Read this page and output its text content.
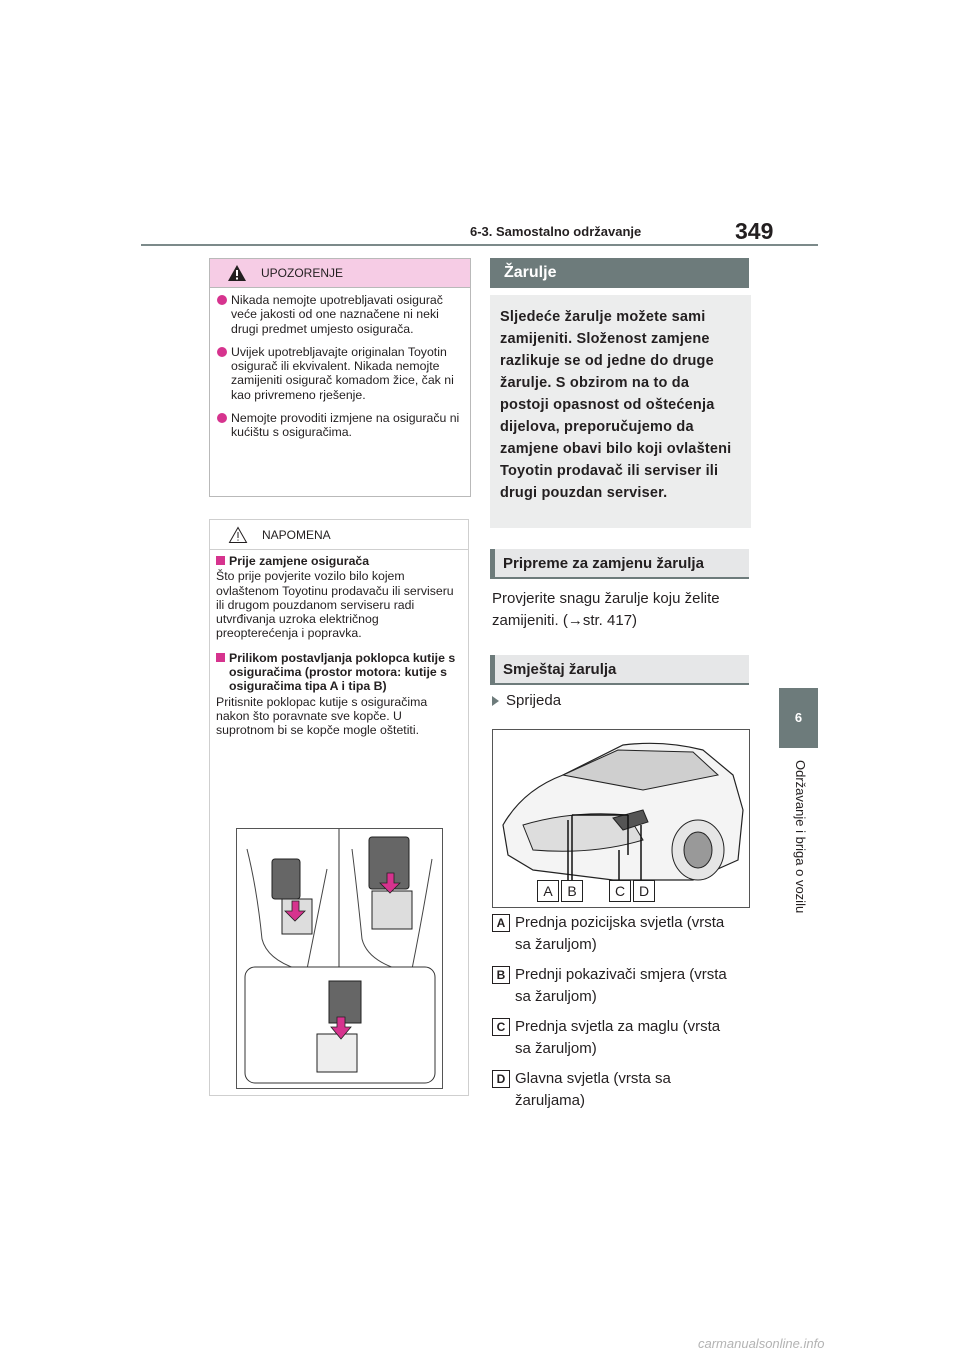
6-3. Samostalno održavanje	349
6
Održavanje i briga o vozilu
UPOZORENJE
Nikada nemojte upotrebljavati osigurač veće jakosti od one naznačene ni neki drugi predmet umjesto osigurača.
Uvijek upotrebljavajte originalan Toyotin osigurač ili ekvivalent. Nikada nemojte zamijeniti osigurač komadom žice, čak ni kao privremeno rješenje.
Nemojte provoditi izmjene na osiguraču ni kućištu s osiguračima.
NAPOMENA
Prije zamjene osigurača
Što prije povjerite vozilo bilo kojem ovlaštenom Toyotinu prodavaču ili serviseru ili drugom pouzdanom serviseru radi utvrđivanja uzroka električnog preopterećenja i popravka.
Prilikom postavljanja poklopca kutije s osiguračima (prostor motora: kutije s osiguračima tipa A i tipa B)
Pritisnite poklopac kutije s osiguračima nakon što poravnate sve kopče. U suprotnom bi se kopče mogle oštetiti.
Žarulje
Sljedeće žarulje možete sami zamijeniti. Složenost zamjene razlikuje se od jedne do druge žarulje. S obzirom na to da postoji opasnost od oštećenja dijelova, preporučujemo da zamjene obavi bilo koji ovlašteni Toyotin prodavač ili serviser ili drugi pouzdan serviser.
Pripreme za zamjenu žarulja
Provjerite snagu žarulje koju želite zamijeniti. (→str. 417)
Smještaj žarulja
Sprijeda
A	B	C D
A Prednja pozicijska svjetla (vrsta sa žaruljom)
B Prednji pokazivači smjera (vrsta sa žaruljom)
C Prednja svjetla za maglu (vrsta sa žaruljom)
D Glavna svjetla (vrsta sa žaruljama)
carmanualsonline.info
